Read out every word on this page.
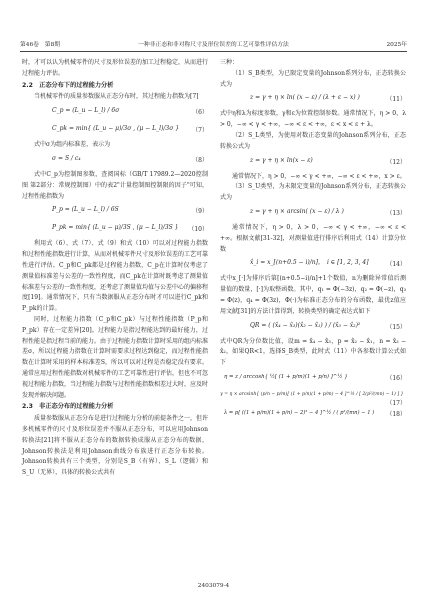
第46卷　第8期	一种非正态和非对称尺寸及形位误差的工艺可靠性评估方法	2025年

时，才可以认为机械零件的尺寸及形位误差的加工过程稳定，从而进行过程能力评估。

2.2　正态分布下的过程能力分析

当机械零件的质量参数服从正态分布时，其过程能力指数为[7]

C_p = (L_u − L_l) / 6σ	（6）
C_pk = min{ (L_u − μ)/3σ , (μ − L_l)/3σ } （7）

式中σ为组内标准差，表示为

σ = S / c₄	（8）

式中C_p为控制图参数，查阅国标（GB/T 17989.2—2020控制图 第2部分：常规控制图）中的表2"计量控制图控制限的因子"可知，过程性能指数为

P_p = (L_u − L_l) / 6S	（9）
P_pk = min{ (L_u − μ)/3S , (μ − L_l)/3S } （10）

利用式（6）、式（7）、式（9）和式（10）可以对过程能力指数和过程性能指数进行计算，从而对机械零件尺寸及形位误差的工艺可靠性进行评估。C_p和C_pk都是过程能力指数，C_p在计算时仅考虑了测量值标准差与公差的一致性程度，而C_pk在计算时既考虑了测量值标准差与公差的一致性程度，还考虑了测量值均值与公差中心的偏移程度[19]。通常情况下，只有当数据服从正态分布时才可以进行C_pk和P_pk的计算。

同时，过程能力指数（C_p和C_pk）与过程性能指数（P_p和P_pk）存在一定差异[20]。过程能力是指过程能达到的最好能力，过程性能是指过程当前的能力。由于过程能力指数计算时采用的组内标准差σ，所以过程能力指数在计算时需要求过程达到稳定，而过程性能指数在计算时采用的样本标准差S，所以可以对过程是否稳定没有要求。通常应用过程性能指数对机械零件的工艺可靠性进行评估，但也不可忽视过程能力指数，当过程能力指数与过程性能指数相差过大时，应及时发现并解决问题。

2.3　非正态分布的过程能力分析

质量参数服从正态分布是进行过程能力分析的前提条件之一，但许多机械零件的尺寸及形位误差并不服从正态分布，可以应用Johnson转换法[21]将不服从正态分布的数据转换成服从正态分布的数据，Johnson转换法是利用Johnson曲线分布族进行正态分布转换。Johnson转换共有三个类型，分别是S_B（有界）、S_L（逻辑）和S_U（无界），具体的转换公式共有

三种：

（1）S_B类型，为已限定变量的Johnson系列分布，正态转换公式为

z = γ + η × ln( (x − ε) / (λ + ε − x) )	（11）

式中η和λ为标度参数，γ和ε为位置控制参数。通常情况下，η > 0，λ > 0，−∞ < γ < +∞，−∞ < ε < +∞，ε < x < ε + λ。

（2）S_L类型，为使用对数正态变量的Johnson系列分布，正态转换公式为

z = γ + η × ln(x − ε)	（12）

通常情况下，η > 0，−∞ < γ < +∞，−∞ < ε < +∞，x > ε。

（3）S_U类型，为未限定变量的Johnson系列分布，正态转换公式为

z = γ + η × arcsin( (x − ε) / λ )	（13）

通常情况下，η > 0，λ > 0，−∞ < γ < +∞，−∞ < ε < +∞。根据文献[31-32]，对测量值进行排序后利用式（14）计算分位数

x̂_i = x_[(n+0.5 − i)/n]，　i ∈ [1, 2, 3, 4]	（14）

式中x_[·]为排序后第[(n+0.5−i)/n]+1个数值，n为删除异常值后测量值的数量，[·]为取整函数。其中，q₁ = Φ(−3z)，q₂ = Φ(−z)，q₃ = Φ(z)，q₄ = Φ(3z)，Φ(·)为标准正态分布的分布函数，最优z值应用文献[31]的方法计算得到，转换类型的确定表达式如下

QR = ( (x̂₄ − x̂₃)(x̂₂ − x̂₁) ) / (x̂₃ − x̂₂)²	（15）

式中QR为分位数比值，设m = x̂₄ − x̂₃，p = x̂₂ − x̂₁，n = x̂₃ − x̂₂，如果QR<1，选择S_B类型，此时式（11）中各参数计算公式如下

η = z / arccosh{ ½[ (1 + p/m)(1 + p/n) ]^½ }	（16）
γ = η × arcsinh{ (p/n − p/m)[ (1 + p/n)(1 + p/m) − 4 ]^½ / [ 2(p²/(mn) − 1) ] }
（17）
λ = p[ ((1 + p/m)(1 + p/n) − 2)² − 4 ]^½ / ( p²/(mn) − 1 ) （18）
2403079-4
